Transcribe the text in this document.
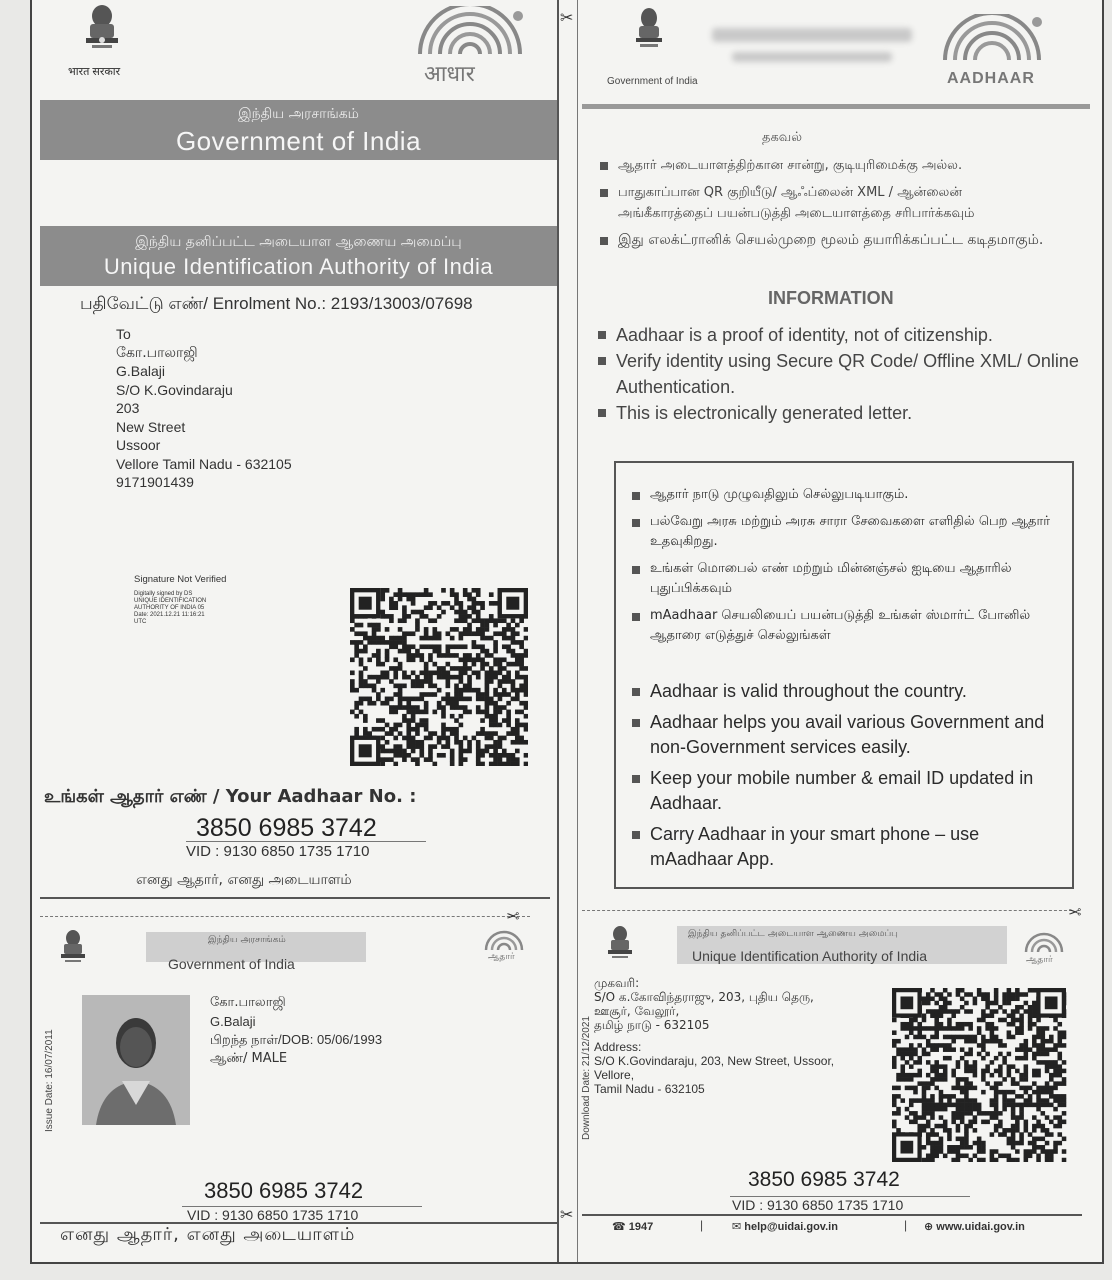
✂
✂
भारत सरकार	आधार
இந்திய அரசாங்கம்
Government of India
இந்திய தனிப்பட்ட அடையாள ஆணைய அமைப்பு
Unique Identification Authority of India
பதிவேட்டு எண்/ Enrolment No.: 2193/13003/07698
To
கோ.பாலாஜி
G.Balaji
S/O K.Govindaraju
203
New Street
Ussoor
Vellore Tamil Nadu - 632105
9171901439
Signature Not Verified
Digitally signed by DS
UNIQUE IDENTIFICATION
AUTHORITY OF INDIA 05
Date: 2021.12.21 11:16:21
UTC
உங்கள் ஆதார் எண் / Your Aadhaar No. :
3850 6985 3742
VID : 9130 6850 1735 1710
எனது ஆதார், எனது அடையாளம்
✂
இந்திய அரசாங்கம்
Government of India	ஆதார்
Issue Date: 16/07/2011
கோ.பாலாஜி
G.Balaji
பிறந்த நாள்/DOB: 05/06/1993
ஆண்/ MALE
3850 6985 3742
VID : 9130 6850 1735 1710
எனது ஆதார், எனது அடையாளம்
Government of India	AADHAAR
தகவல்
ஆதார் அடையாளத்திற்கான சான்று, குடியுரிமைக்கு அல்ல.
பாதுகாப்பான QR குறியீடு/ ஆஃப்லைன் XML / ஆன்லைன் அங்கீகாரத்தைப் பயன்படுத்தி அடையாளத்தை சரிபார்க்கவும்
இது எலக்ட்ரானிக் செயல்முறை மூலம் தயாரிக்கப்பட்ட கடிதமாகும்.
INFORMATION
Aadhaar is a proof of identity, not of citizenship.
Verify identity using Secure QR Code/ Offline XML/ Online Authentication.
This is electronically generated letter.
ஆதார் நாடு முழுவதிலும் செல்லுபடியாகும்.
பல்வேறு அரசு மற்றும் அரசு சாரா சேவைகளை எளிதில் பெற ஆதார் உதவுகிறது.
உங்கள் மொபைல் எண் மற்றும் மின்னஞ்சல் ஐடியை ஆதாரில் புதுப்பிக்கவும்
mAadhaar செயலியைப் பயன்படுத்தி உங்கள் ஸ்மார்ட் போனில் ஆதாரை எடுத்துச் செல்லுங்கள்
Aadhaar is valid throughout the country.
Aadhaar helps you avail various Government and non-Government services easily.
Keep your mobile number & email ID updated in Aadhaar.
Carry Aadhaar in your smart phone – use mAadhaar App.
✂
இந்திய தனிப்பட்ட அடையாள ஆணைய அமைப்பு
Unique Identification Authority of India	ஆதார்
Download Date: 21/12/2021
முகவரி:
S/O க.கோவிந்தராஜு, 203, புதிய தெரு,
ஊசூர், வேலூர்,
தமிழ் நாடு - 632105
Address:
S/O K.Govindaraju, 203, New Street, Ussoor,
Vellore,
Tamil Nadu - 632105
3850 6985 3742
VID : 9130 6850 1735 1710
☎ 1947	|	✉ help@uidai.gov.in	| ⊕ www.uidai.gov.in
